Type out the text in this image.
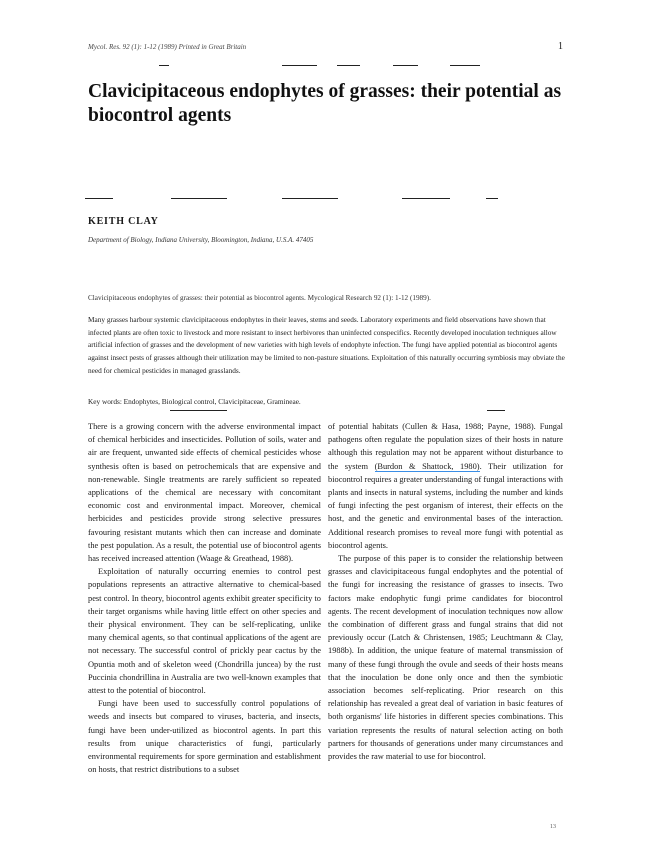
Mycol. Res. 92 (1): 1-12 (1989) Printed in Great Britain	1
Clavicipitaceous endophytes of grasses: their potential as biocontrol agents
KEITH CLAY
Department of Biology, Indiana University, Bloomington, Indiana, U.S.A. 47405
Clavicipitaceous endophytes of grasses: their potential as biocontrol agents. Mycological Research 92 (1): 1-12 (1989).
Many grasses harbour systemic clavicipitaceous endophytes in their leaves, stems and seeds. Laboratory experiments and field observations have shown that infected plants are often toxic to livestock and more resistant to insect herbivores than uninfected conspecifics. Recently developed inoculation techniques allow artificial infection of grasses and the development of new varieties with high levels of endophyte infection. The fungi have applied potential as biocontrol agents against insect pests of grasses although their utilization may be limited to non-pasture situations. Exploitation of this naturally occurring symbiosis may obviate the need for chemical pesticides in managed grasslands.
Key words: Endophytes, Biological control, Clavicipitaceae, Gramineae.

There is a growing concern with the adverse environmental impact of chemical herbicides and insecticides. Pollution of soils, water and air are frequent, unwanted side effects of chemical pesticides whose synthesis often is based on petrochemicals that are expensive and non-renewable. Single treatments are rarely sufficient so repeated applications of the chemical are necessary with concomitant economic cost and environmental impact. Moreover, chemical herbicides and pesticides provide strong selective pressures favouring resistant mutants which then can increase and dominate the pest population. As a result, the potential use of biocontrol agents has received increased attention (Waage & Greathead, 1988).

Exploitation of naturally occurring enemies to control pest populations represents an attractive alternative to chemical-based pest control. In theory, biocontrol agents exhibit greater specificity to their target organisms while having little effect on other species and their physical environment. They can be self-replicating, unlike many chemical agents, so that continual applications of the agent are not necessary. The successful control of prickly pear cactus by the Opuntia moth and of skeleton weed (Chondrilla juncea) by the rust Puccinia chondrillina in Australia are two well-known examples that attest to the potential of biocontrol.

Fungi have been used to successfully control populations of weeds and insects but compared to viruses, bacteria, and insects, fungi have been under-utilized as biocontrol agents. In part this results from unique characteristics of fungi, particularly environmental requirements for spore germination and establishment on hosts, that restrict distributions to a subset

of potential habitats (Cullen & Hasa, 1988; Payne, 1988). Fungal pathogens often regulate the population sizes of their hosts in nature although this regulation may not be apparent without disturbance to the system (Burdon & Shattock, 1980). Their utilization for biocontrol requires a greater understanding of fungal interactions with plants and insects in natural systems, including the number and kinds of fungi infecting the pest organism of interest, their effects on the host, and the genetic and environmental bases of the interaction. Additional research promises to reveal more fungi with potential as biocontrol agents.

The purpose of this paper is to consider the relationship between grasses and clavicipitaceous fungal endophytes and the potential of the fungi for increasing the resistance of grasses to insects. Two factors make endophytic fungi prime candidates for biocontrol agents. The recent development of inoculation techniques now allow the combination of different grass and fungal strains that did not previously occur (Latch & Christensen, 1985; Leuchtmann & Clay, 1988b). In addition, the unique feature of maternal transmission of many of these fungi through the ovule and seeds of their hosts means that the inoculation be done only once and then the symbiotic association becomes self-replicating. Prior research on this relationship has revealed a great deal of variation in basic features of both organisms' life histories in different species combinations. This variation represents the results of natural selection acting on both partners for thousands of generations under many circumstances and provides the raw material to use for biocontrol.

13
